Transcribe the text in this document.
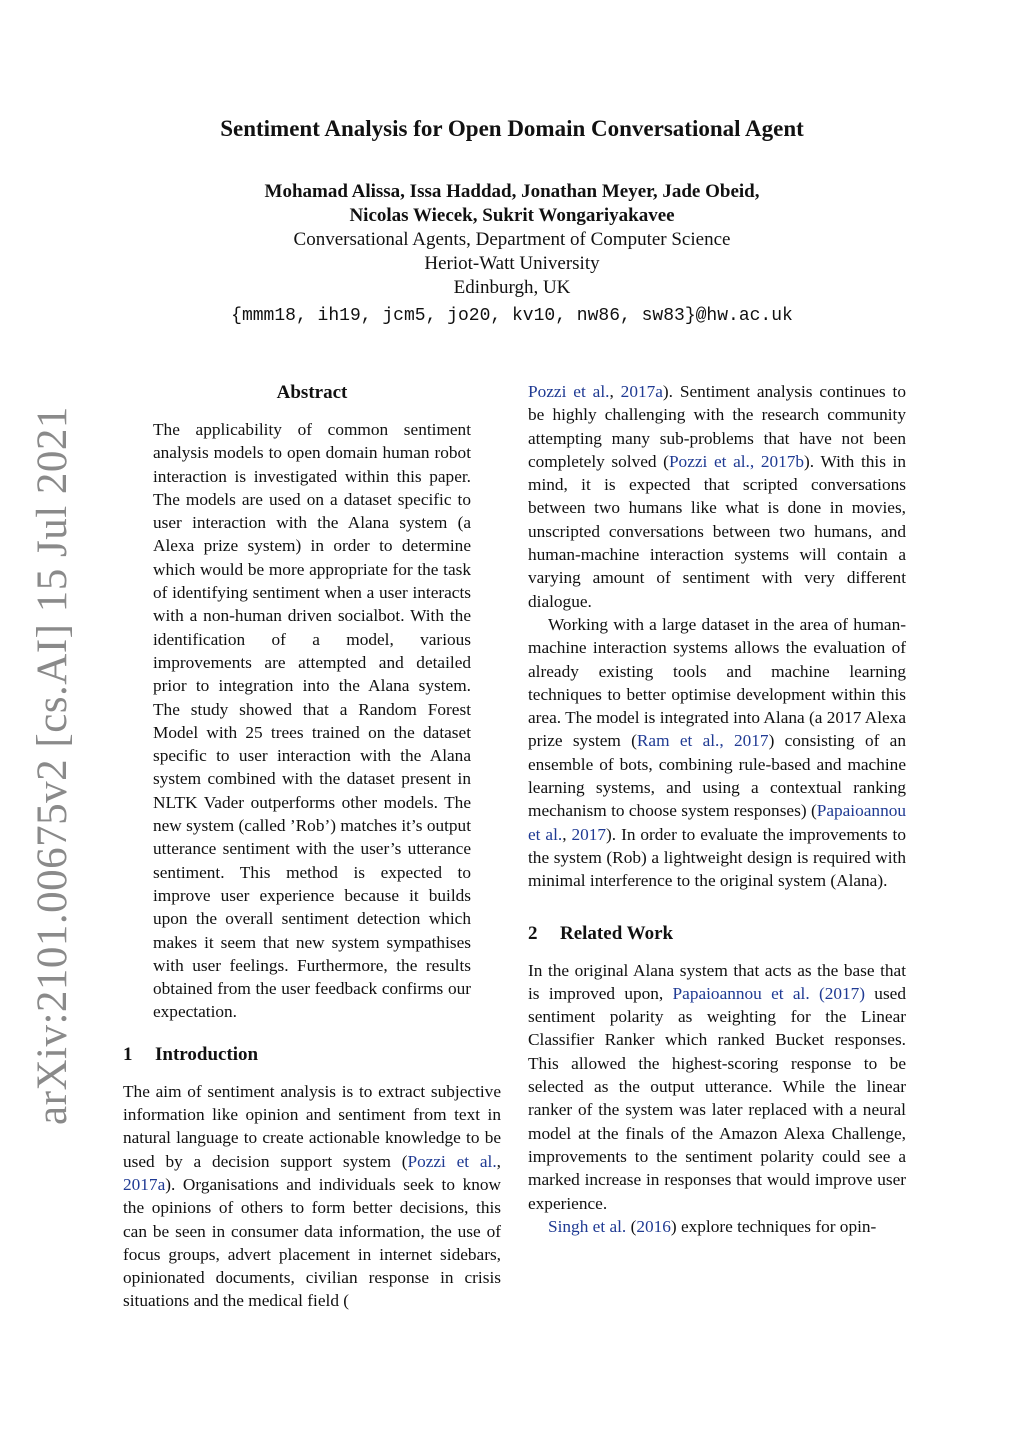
arXiv:2101.00675v2 [cs.AI] 15 Jul 2021
Sentiment Analysis for Open Domain Conversational Agent
Mohamad Alissa, Issa Haddad, Jonathan Meyer, Jade Obeid,
Nicolas Wiecek, Sukrit Wongariyakavee
Conversational Agents, Department of Computer Science
Heriot-Watt University
Edinburgh, UK
{mmm18, ih19, jcm5, jo20, kv10, nw86, sw83}@hw.ac.uk
Abstract

The applicability of common sentiment analysis models to open domain human robot interaction is investigated within this paper. The models are used on a dataset specific to user interaction with the Alana system (a Alexa prize system) in order to determine which would be more appropriate for the task of identifying sentiment when a user interacts with a non-human driven socialbot. With the identification of a model, various improvements are attempted and detailed prior to integration into the Alana system. The study showed that a Random Forest Model with 25 trees trained on the dataset specific to user interaction with the Alana system combined with the dataset present in NLTK Vader outperforms other models. The new system (called ’Rob’) matches it’s output utterance sentiment with the user’s utterance sentiment. This method is expected to improve user experience because it builds upon the overall sentiment detection which makes it seem that new system sympathises with user feelings. Furthermore, the results obtained from the user feedback confirms our expectation.

1 Introduction

The aim of sentiment analysis is to extract subjective information like opinion and sentiment from text in natural language to create actionable knowledge to be used by a decision support system (Pozzi et al., 2017a). Organisations and individuals seek to know the opinions of others to form better decisions, this can be seen in consumer data information, the use of focus groups, advert placement in internet sidebars, opinionated documents, civilian response in crisis situations and the medical field (

Pozzi et al., 2017a). Sentiment analysis continues to be highly challenging with the research community attempting many sub-problems that have not been completely solved (Pozzi et al., 2017b). With this in mind, it is expected that scripted conversations between two humans like what is done in movies, unscripted conversations between two humans, and human-machine interaction systems will contain a varying amount of sentiment with very different dialogue.

Working with a large dataset in the area of human-machine interaction systems allows the evaluation of already existing tools and machine learning techniques to better optimise development within this area. The model is integrated into Alana (a 2017 Alexa prize system (Ram et al., 2017) consisting of an ensemble of bots, combining rule-based and machine learning systems, and using a contextual ranking mechanism to choose system responses) (Papaioannou et al., 2017). In order to evaluate the improvements to the system (Rob) a lightweight design is required with minimal interference to the original system (Alana).

2 Related Work

In the original Alana system that acts as the base that is improved upon, Papaioannou et al. (2017) used sentiment polarity as weighting for the Linear Classifier Ranker which ranked Bucket responses. This allowed the highest-scoring response to be selected as the output utterance. While the linear ranker of the system was later replaced with a neural model at the finals of the Amazon Alexa Challenge, improvements to the sentiment polarity could see a marked increase in responses that would improve user experience.

Singh et al. (2016) explore techniques for opin-
